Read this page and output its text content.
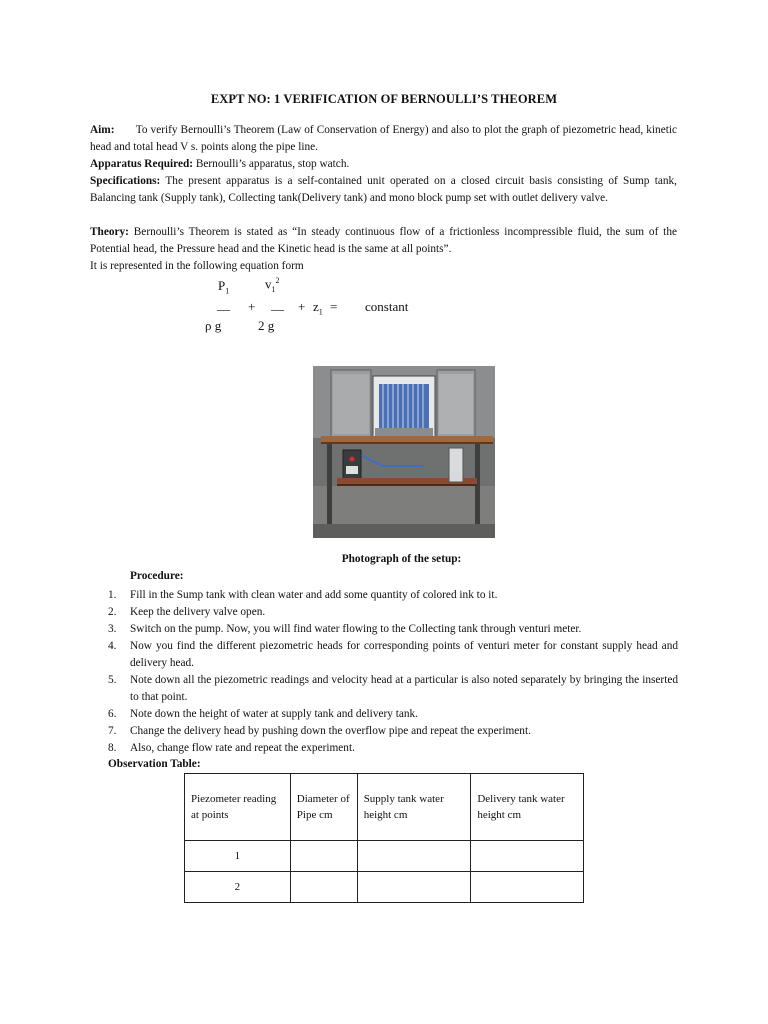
EXPT NO: 1 VERIFICATION OF BERNOULLI’S THEOREM
Aim: To verify Bernoulli’s Theorem (Law of Conservation of Energy) and also to plot the graph of piezometric head, kinetic head and total head V s. points along the pipe line.
Apparatus Required: Bernoulli’s apparatus, stop watch.
Specifications: The present apparatus is a self-contained unit operated on a closed circuit basis consisting of Sump tank, Balancing tank (Supply tank), Collecting tank(Delivery tank) and mono block pump set with outlet delivery valve.
Theory: Bernoulli’s Theorem is stated as “In steady continuous flow of a frictionless incompressible fluid, the sum of the Potential head, the Pressure head and the Kinetic head is the same at all points”.
It is represented in the following equation form
$P_1$	$v_1^2$
__ + __ + $z_1$ = constant
ρ g	2 g
Photograph of the setup:
Procedure:
1.	Fill in the Sump tank with clean water and add some quantity of colored ink to it.
2.	Keep the delivery valve open.
3.	Switch on the pump. Now, you will find water flowing to the Collecting tank through venturi meter.
4.	Now you find the different piezometric heads for corresponding points of venturi meter for constant supply head and delivery head.
5.	Note down all the piezometric readings and velocity head at a particular is also noted separately by bringing the inserted to that point.
6.	Note down the height of water at supply tank and delivery tank.
7.	Change the delivery head by pushing down the overflow pipe and repeat the experiment.
8.	Also, change flow rate and repeat the experiment.
Observation Table:
Piezometer reading at points	Diameter of Pipe cm	Supply tank water height cm	Delivery tank water height cm
1			
2			
